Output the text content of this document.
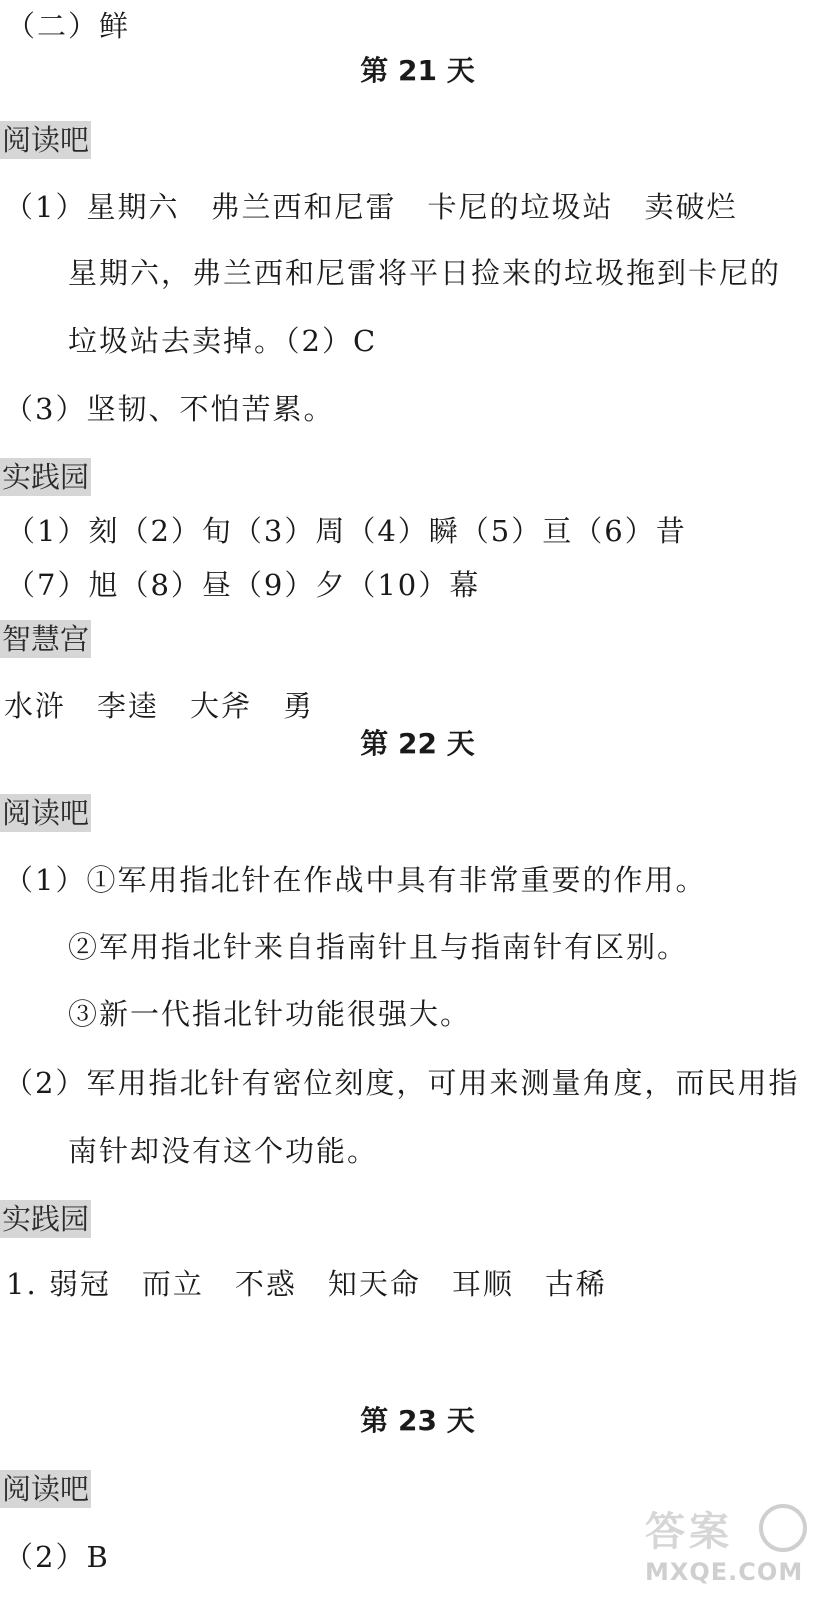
（二）鲜
第 21 天
阅读吧
（1）星期六　弗兰西和尼雷　卡尼的垃圾站　卖破烂
星期六，弗兰西和尼雷将平日捡来的垃圾拖到卡尼的
垃圾站去卖掉。（2）C
（3）坚韧、不怕苦累。
实践园
（1）刻（2）旬（3）周（4）瞬（5）亘（6）昔
（7）旭（8）昼（9）夕（10）幕
智慧宫
水浒　李逵　大斧　勇
第 22 天
阅读吧
（1）①军用指北针在作战中具有非常重要的作用。
②军用指北针来自指南针且与指南针有区别。
③新一代指北针功能很强大。
（2）军用指北针有密位刻度，可用来测量角度，而民用指
南针却没有这个功能。
实践园
1. 弱冠　而立　不惑　知天命　耳顺　古稀
第 23 天
阅读吧
（2）B
答案
MXQE.COM
